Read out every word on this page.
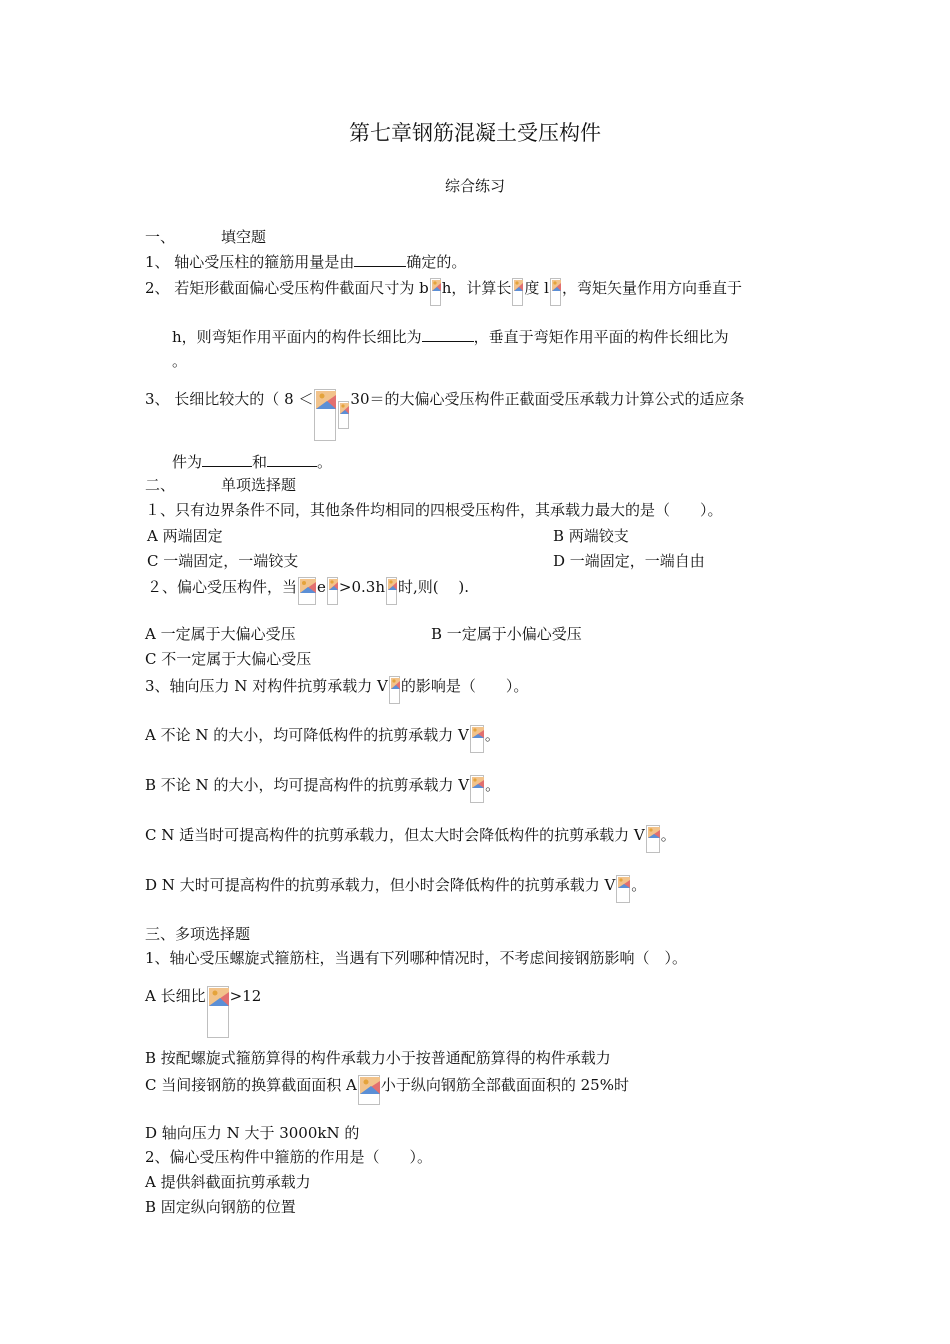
第七章钢筋混凝土受压构件
综合练习
一、	填空题
1、 轴心受压柱的箍筋用量是由	确定的。
2、 若矩形截面偏心受压构件截面尺寸为 b h，计算长 度 l ，弯矩矢量作用方向垂直于
h，则弯矩作用平面内的构件长细比为	，垂直于弯矩作用平面的构件长细比为
。
3、 长细比较大的（ 8 ＜ 30＝的大偏心受压构件正截面受压承载力计算公式的适应条
件为	和	。
二、	单项选择题
１、只有边界条件不同，其他条件均相同的四根受压构件，其承载力最大的是（　　）。
A 两端固定	B 两端铰支
C 一端固定，一端铰支	D 一端固定，一端自由
２、偏心受压构件，当 e >0.3h 时,则(　 ).
A 一定属于大偏心受压	B 一定属于小偏心受压
C 不一定属于大偏心受压
3、轴向压力 N 对构件抗剪承载力 V 的影响是（　　）。
A 不论 N 的大小，均可降低构件的抗剪承载力 V 。
B 不论 N 的大小，均可提高构件的抗剪承载力 V 。
C N 适当时可提高构件的抗剪承载力，但太大时会降低构件的抗剪承载力 V 。
D N 大时可提高构件的抗剪承载力，但小时会降低构件的抗剪承载力 V 。
三、多项选择题
1、轴心受压螺旋式箍筋柱，当遇有下列哪种情况时，不考虑间接钢筋影响（　）。
A 长细比 >12
B 按配螺旋式箍筋算得的构件承载力小于按普通配筋算得的构件承载力
C 当间接钢筋的换算截面面积 A 小于纵向钢筋全部截面面积的 25%时
D 轴向压力 N 大于 3000kN 的
2、偏心受压构件中箍筋的作用是（　　）。
A 提供斜截面抗剪承载力
B 固定纵向钢筋的位置
